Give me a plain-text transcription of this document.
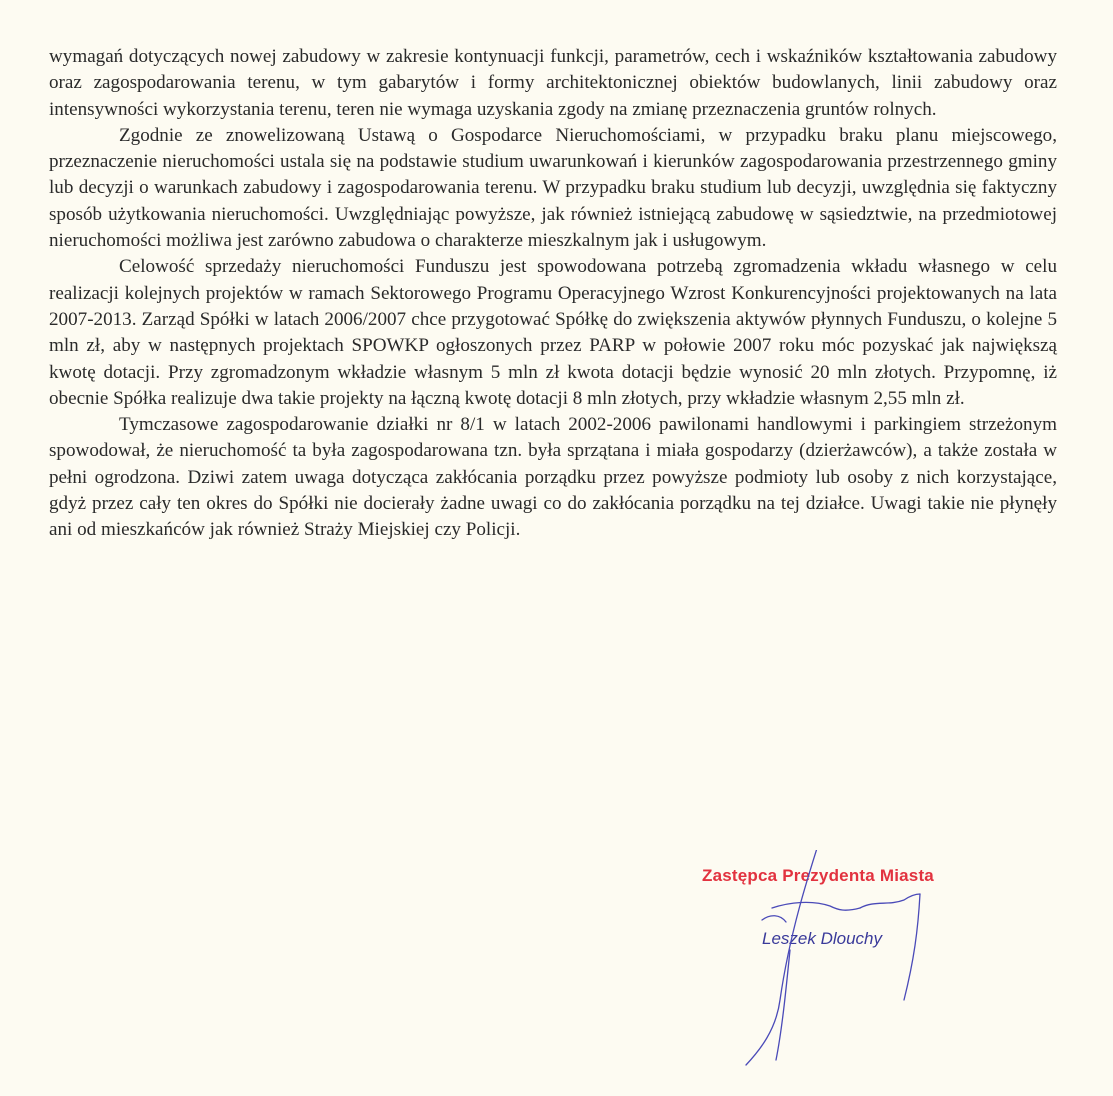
wymagań dotyczących nowej zabudowy w zakresie kontynuacji funkcji, parametrów, cech i wskaźników kształtowania zabudowy oraz zagospodarowania terenu, w tym gabarytów i formy architektonicznej obiektów budowlanych, linii zabudowy oraz intensywności wykorzystania terenu, teren nie wymaga uzyskania zgody na zmianę przeznaczenia gruntów rolnych.

Zgodnie ze znowelizowaną Ustawą o Gospodarce Nieruchomościami, w przypadku braku planu miejscowego, przeznaczenie nieruchomości ustala się na podstawie studium uwarunkowań i kierunków zagospodarowania przestrzennego gminy lub decyzji o warunkach zabudowy i zagospodarowania terenu. W przypadku braku studium lub decyzji, uwzględnia się faktyczny sposób użytkowania nieruchomości. Uwzględniając powyższe, jak również istniejącą zabudowę w sąsiedztwie, na przedmiotowej nieruchomości możliwa jest zarówno zabudowa o charakterze mieszkalnym jak i usługowym.

Celowość sprzedaży nieruchomości Funduszu jest spowodowana potrzebą zgromadzenia wkładu własnego w celu realizacji kolejnych projektów w ramach Sektorowego Programu Operacyjnego Wzrost Konkurencyjności projektowanych na lata 2007-2013. Zarząd Spółki w latach 2006/2007 chce przygotować Spółkę do zwiększenia aktywów płynnych Funduszu, o kolejne 5 mln zł, aby w następnych projektach SPOWKP ogłoszonych przez PARP w połowie 2007 roku móc pozyskać jak największą kwotę dotacji. Przy zgromadzonym wkładzie własnym 5 mln zł kwota dotacji będzie wynosić 20 mln złotych. Przypomnę, iż obecnie Spółka realizuje dwa takie projekty na łączną kwotę dotacji 8 mln złotych, przy wkładzie własnym 2,55 mln zł.

Tymczasowe zagospodarowanie działki nr 8/1 w latach 2002-2006 pawilonami handlowymi i parkingiem strzeżonym spowodował, że nieruchomość ta była zagospodarowana tzn. była sprzątana i miała gospodarzy (dzierżawców), a także została w pełni ogrodzona. Dziwi zatem uwaga dotycząca zakłócania porządku przez powyższe podmioty lub osoby z nich korzystające, gdyż przez cały ten okres do Spółki nie docierały żadne uwagi co do zakłócania porządku na tej działce. Uwagi takie nie płynęły ani od mieszkańców jak również Straży Miejskiej czy Policji.

Zastępca Prezydenta Miasta
Leszek Dlouchy
